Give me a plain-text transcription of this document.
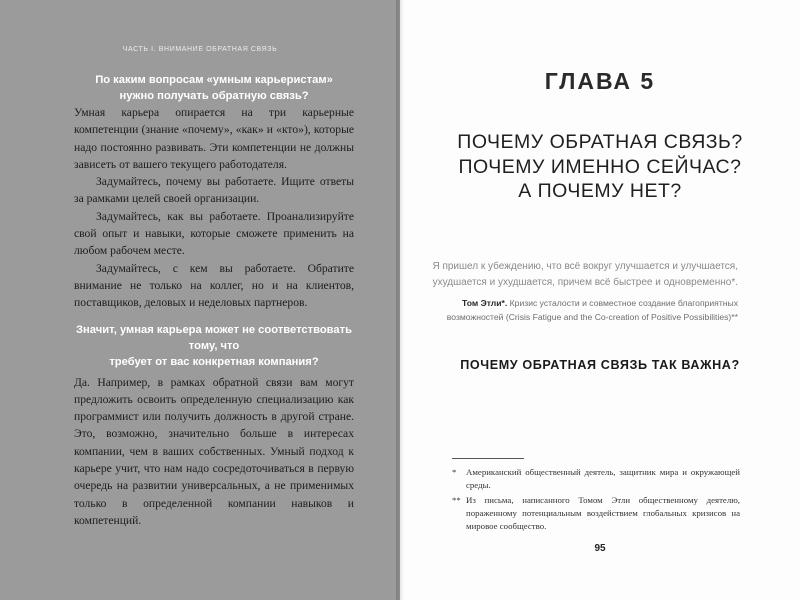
ЧАСТЬ I. ВНИМАНИЕ ОБРАТНАЯ СВЯЗЬ

По каким вопросам «умным карьеристам»
нужно получать обратную связь?

Умная карьера опирается на три карьерные компетенции (знание «почему», «как» и «кто»), которые надо постоянно развивать. Эти компетенции не должны зависеть от вашего текущего работодателя.

Задумайтесь, почему вы работаете. Ищите ответы за рамками целей своей организации.

Задумайтесь, как вы работаете. Проанализируйте свой опыт и навыки, которые сможете применить на любом рабочем месте.

Задумайтесь, с кем вы работаете. Обратите внимание не только на коллег, но и на клиентов, поставщиков, деловых и неделовых партнеров.

Значит, умная карьера может не соответствовать тому, что
требует от вас конкретная компания?

Да. Например, в рамках обратной связи вам могут предложить освоить определенную специализацию как программист или получить должность в другой стране. Это, возможно, значительно больше в интересах компании, чем в ваших собственных. Умный подход к карьере учит, что нам надо сосредоточиваться в первую очередь на развитии универсальных, а не применимых только в определенной компании навыков и компетенций.

ГЛАВА 5
ПОЧЕМУ ОБРАТНАЯ СВЯЗЬ?
ПОЧЕМУ ИМЕННО СЕЙЧАС?
А ПОЧЕМУ НЕТ?
Я пришел к убеждению, что всё вокруг улучшается и улучшается, ухудшается и ухудшается, причем всё быстрее и одновременно*.
Том Этли*. Кризис усталости и совместное создание благоприятных возможностей (Crisis Fatigue and the Co-creation of Positive Possibilities)**
ПОЧЕМУ ОБРАТНАЯ СВЯЗЬ ТАК ВАЖНА?

*	Американский общественный деятель, защитник мира и окружающей среды.
** Из письма, написанного Томом Этли общественному деятелю, пораженному потенциальным воздействием глобальных кризисов на мировое сообщество.
95
